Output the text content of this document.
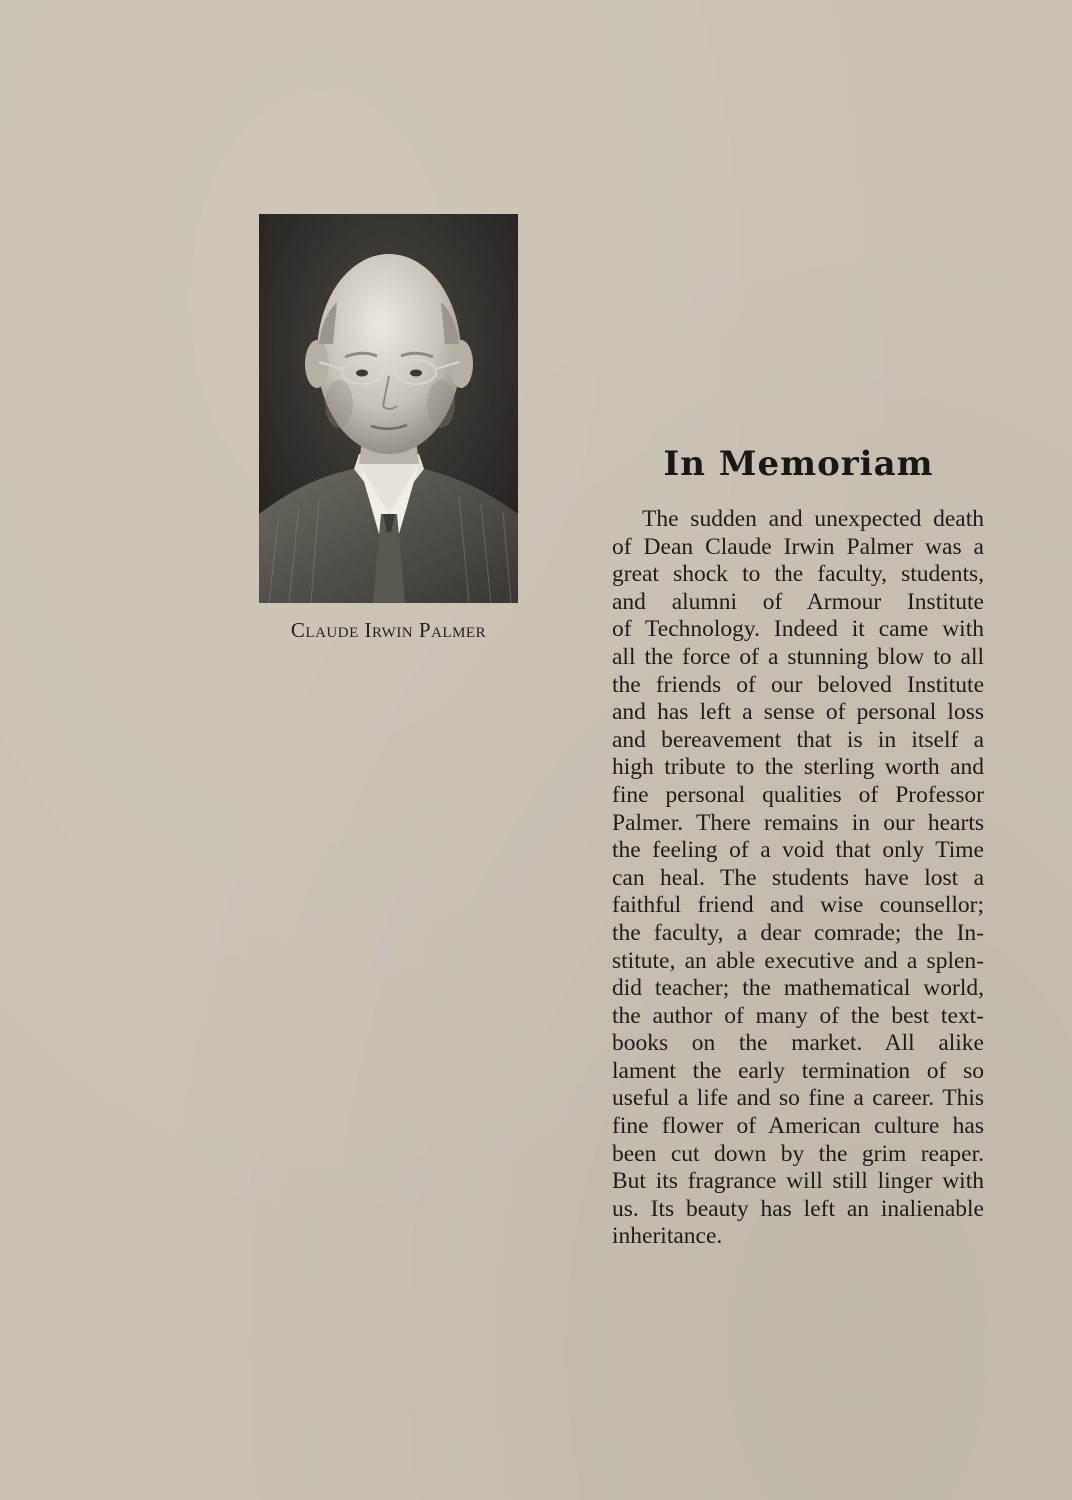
Claude Irwin Palmer
In Memoriam
The sudden and unexpected death
of Dean Claude Irwin Palmer was a
great shock to the faculty, students,
and alumni of Armour Institute
of Technology. Indeed it came with
all the force of a stunning blow to all
the friends of our beloved Institute
and has left a sense of personal loss
and bereavement that is in itself a
high tribute to the sterling worth and
fine personal qualities of Professor
Palmer. There remains in our hearts
the feeling of a void that only Time
can heal. The students have lost a
faithful friend and wise counsellor;
the faculty, a dear comrade; the In-
stitute, an able executive and a splen-
did teacher; the mathematical world,
the author of many of the best text-
books on the market. All alike
lament the early termination of so
useful a life and so fine a career. This
fine flower of American culture has
been cut down by the grim reaper.
But its fragrance will still linger with
us. Its beauty has left an inalienable
inheritance.
